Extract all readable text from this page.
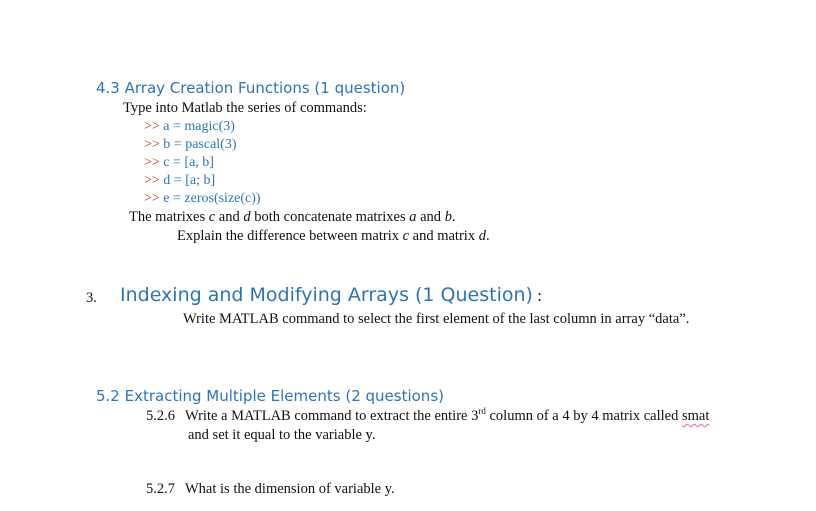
4.3 Array Creation Functions (1 question)
Type into Matlab the series of commands:
>> a = magic(3)
>> b = pascal(3)
>> c = [a, b]
>> d = [a; b]
>> e = zeros(size(c))
The matrixes c and d both concatenate matrixes a and b.
Explain the difference between matrix c and matrix d.
3. Indexing and Modifying Arrays (1 Question) :
Write MATLAB command to select the first element of the last column in array “data”.
5.2 Extracting Multiple Elements (2 questions)
5.2.6 Write a MATLAB command to extract the entire 3rd column of a 4 by 4 matrix called smat
and set it equal to the variable y.
5.2.7 What is the dimension of variable y.
